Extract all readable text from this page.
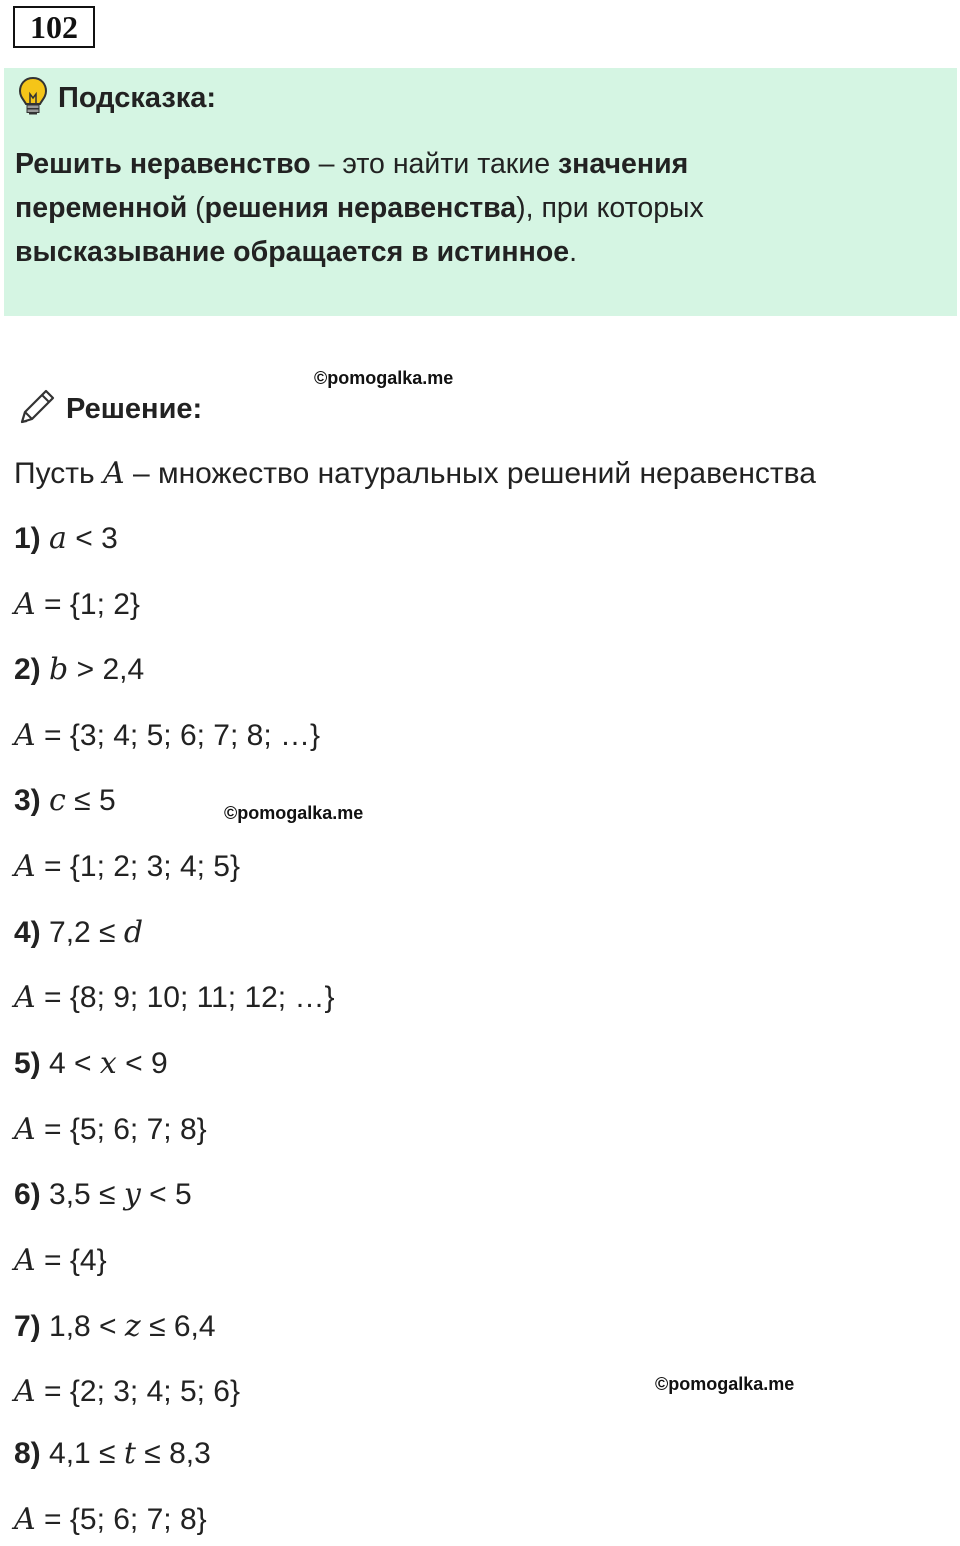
102
Подсказка:
Решить неравенство – это найти такие значения
переменной (решения неравенства), при которых
высказывание обращается в истинное.
©pomogalka.me
©pomogalka.me
©pomogalka.me
Решение:
Пусть A – множество натуральных решений неравенства
1) a < 3
A = {1; 2}
2) b > 2,4
A = {3; 4; 5; 6; 7; 8; …}
3) c ≤ 5
A = {1; 2; 3; 4; 5}
4) 7,2 ≤ d
A = {8; 9; 10; 11; 12; …}
5) 4 < x < 9
A = {5; 6; 7; 8}
6) 3,5 ≤ y < 5
A = {4}
7) 1,8 < z ≤ 6,4
A = {2; 3; 4; 5; 6}
8) 4,1 ≤ t ≤ 8,3
A = {5; 6; 7; 8}
